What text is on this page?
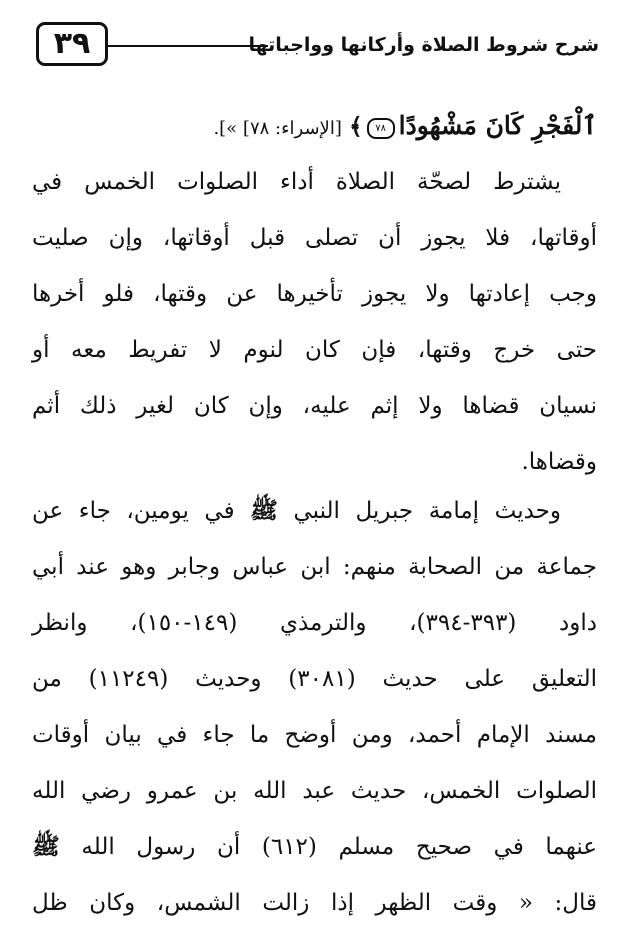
٣٩	شرح شروط الصلاة وأركانها وواجباتها
ٱلْفَجْرِ كَانَ مَشْهُودًا٧٨﴾ [الإسراء: ٧٨] »].
يشترط لصحّة الصلاة أداء الصلوات الخمس في
أوقاتها، فلا يجوز أن تصلى قبل أوقاتها، وإن صليت
وجب إعادتها ولا يجوز تأخيرها عن وقتها، فلو أخرها
حتى خرج وقتها، فإن كان لنوم لا تفريط معه أو
نسيان قضاها ولا إثم عليه، وإن كان لغير ذلك أثم
وقضاها.
وحديث إمامة جبريل النبي ﷺ في يومين، جاء عن
جماعة من الصحابة منهم: ابن عباس وجابر وهو عند أبي
داود (٣٩٣-٣٩٤)، والترمذي (١٤٩-١٥٠)، وانظر
التعليق على حديث (٣٠٨١) وحديث (١١٢٤٩) من
مسند الإمام أحمد، ومن أوضح ما جاء في بيان أوقات
الصلوات الخمس، حديث عبد الله بن عمرو رضي الله
عنهما في صحيح مسلم (٦١٢) أن رسول الله ﷺ
قال: « وقت الظهر إذا زالت الشمس، وكان ظل
